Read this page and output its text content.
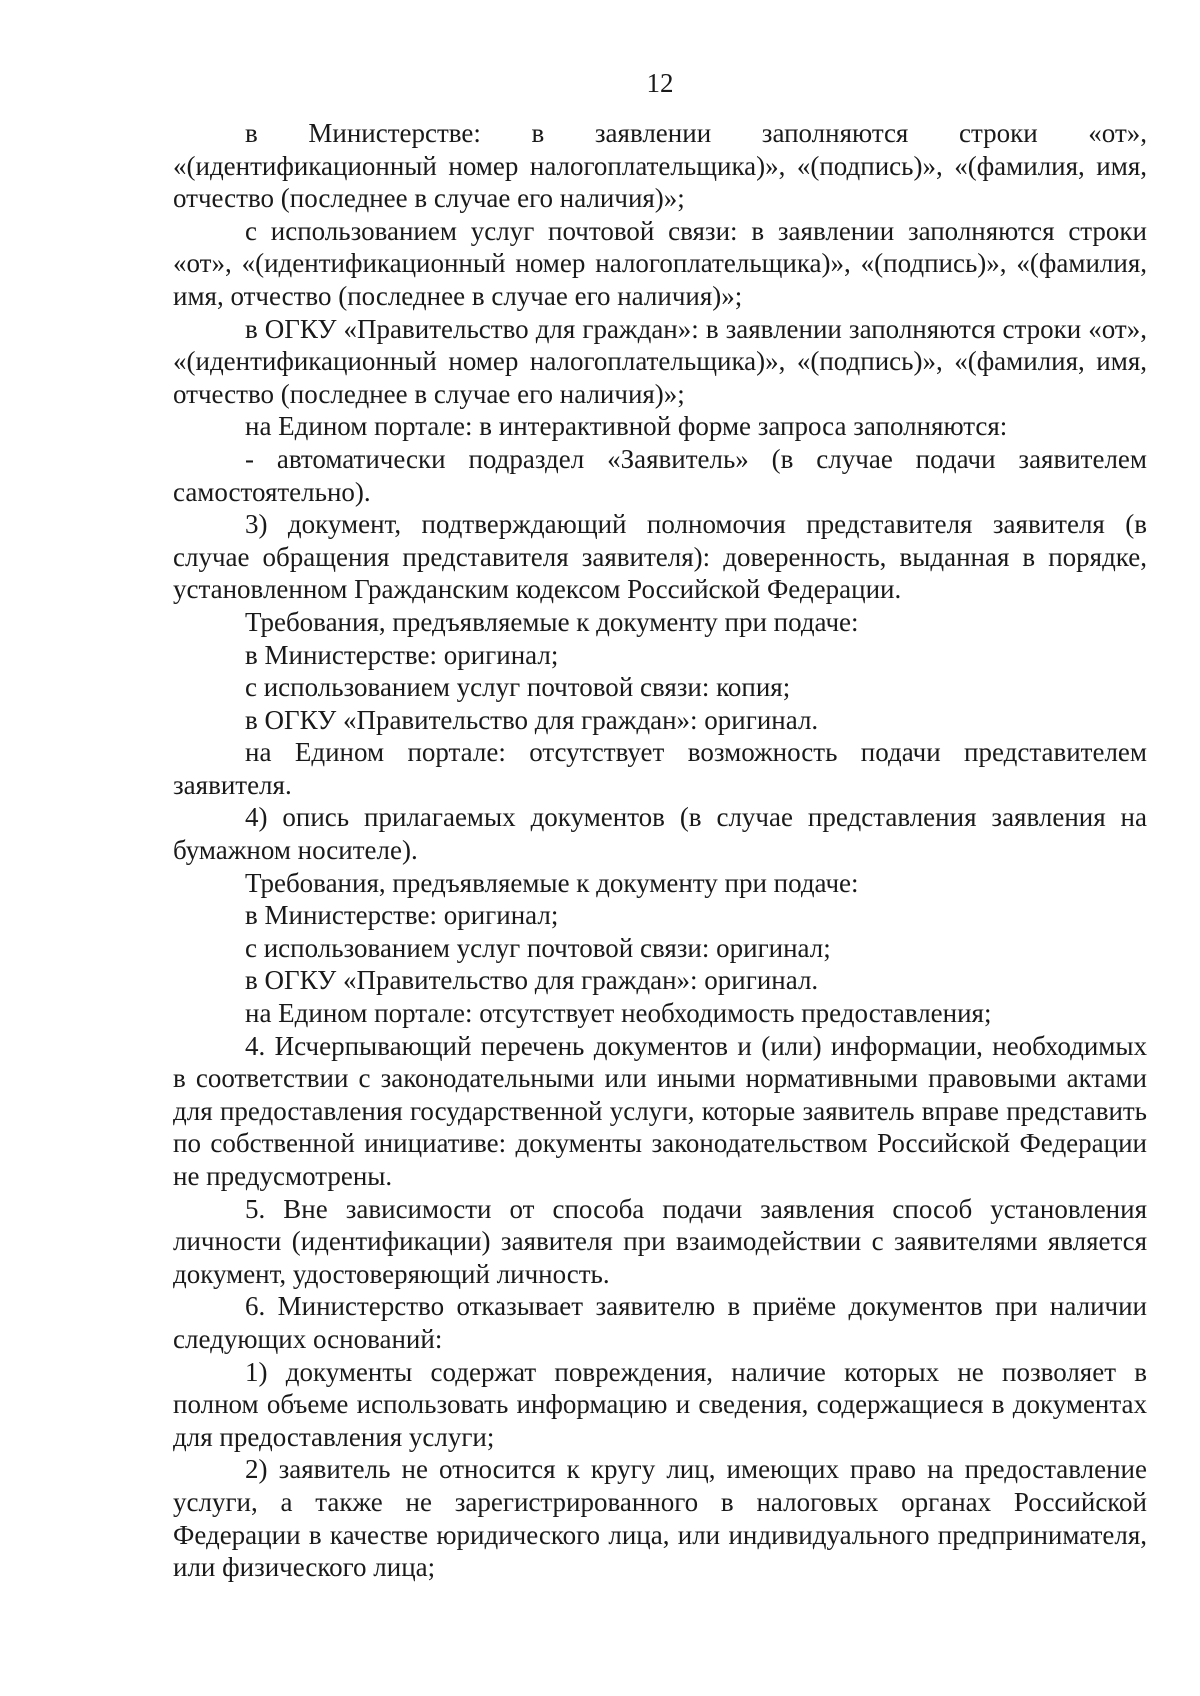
12

в Министерстве: в заявлении заполняются строки «от», «(идентификационный номер налогоплательщика)», «(подпись)», «(фамилия, имя, отчество (последнее в случае его наличия)»;

с использованием услуг почтовой связи: в заявлении заполняются строки «от», «(идентификационный номер налогоплательщика)», «(подпись)», «(фамилия, имя, отчество (последнее в случае его наличия)»;

в ОГКУ «Правительство для граждан»: в заявлении заполняются строки «от», «(идентификационный номер налогоплательщика)», «(подпись)», «(фамилия, имя, отчество (последнее в случае его наличия)»;

на Едином портале: в интерактивной форме запроса заполняются:

- автоматически подраздел «Заявитель» (в случае подачи заявителем самостоятельно).

3) документ, подтверждающий полномочия представителя заявителя (в случае обращения представителя заявителя): доверенность, выданная в порядке, установленном Гражданским кодексом Российской Федерации.

Требования, предъявляемые к документу при подаче:

в Министерстве: оригинал;

с использованием услуг почтовой связи: копия;

в ОГКУ «Правительство для граждан»: оригинал.

на Едином портале: отсутствует возможность подачи представителем заявителя.

4) опись прилагаемых документов (в случае представления заявления на бумажном носителе).

Требования, предъявляемые к документу при подаче:

в Министерстве: оригинал;

с использованием услуг почтовой связи: оригинал;

в ОГКУ «Правительство для граждан»: оригинал.

на Едином портале: отсутствует необходимость предоставления;

4. Исчерпывающий перечень документов и (или) информации, необходимых в соответствии с законодательными или иными нормативными правовыми актами для предоставления государственной услуги, которые заявитель вправе представить по собственной инициативе: документы законодательством Российской Федерации не предусмотрены.

5. Вне зависимости от способа подачи заявления способ установления личности (идентификации) заявителя при взаимодействии с заявителями является документ, удостоверяющий личность.

6. Министерство отказывает заявителю в приёме документов при наличии следующих оснований:

1) документы содержат повреждения, наличие которых не позволяет в полном объеме использовать информацию и сведения, содержащиеся в документах для предоставления услуги;

2) заявитель не относится к кругу лиц, имеющих право на предоставление услуги, а также не зарегистрированного в налоговых органах Российской Федерации в качестве юридического лица, или индивидуального предпринимателя, или физического лица;
